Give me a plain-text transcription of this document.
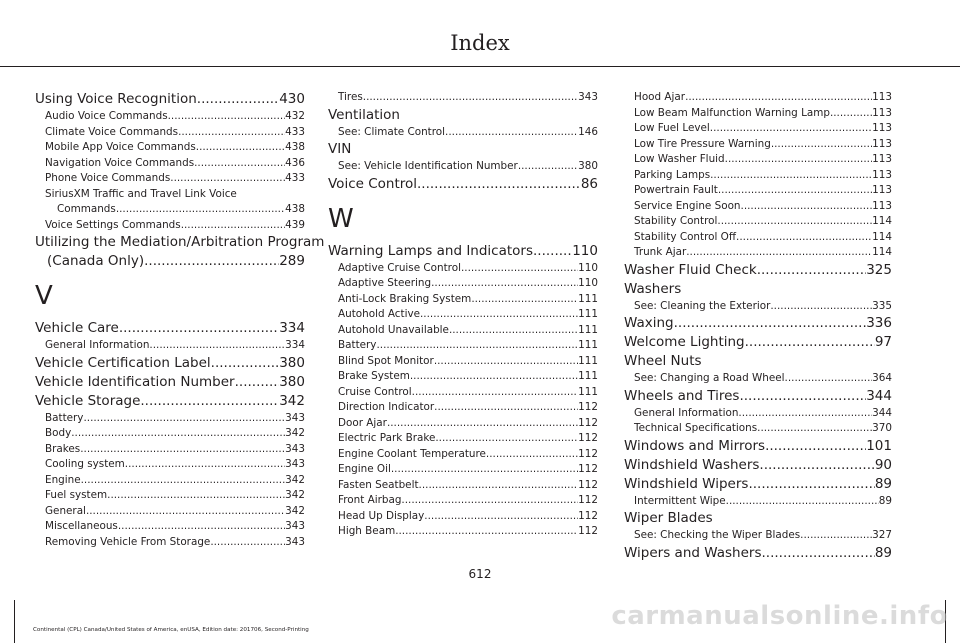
Index
Using Voice Recognition .....	430
Audio Voice Commands .....	432
Climate Voice Commands .....	433
Mobile App Voice Commands .....	438
Navigation Voice Commands .....	436
Phone Voice Commands .....	433
SiriusXM Traffic and Travel Link Voice
Commands .....	438
Voice Settings Commands .....	439
Utilizing the Mediation/Arbitration Program
(Canada Only) .....	289
V
Vehicle Care .....	334
General Information .....	334
Vehicle Certification Label .....	380
Vehicle Identification Number .....	380
Vehicle Storage .....	342
Battery .....	343
Body .....	342
Brakes .....	343
Cooling system .....	343
Engine .....	342
Fuel system .....	342
General .....	342
Miscellaneous .....	343
Removing Vehicle From Storage .....	343
Tires .....	343
Ventilation
See: Climate Control .....	146
VIN
See: Vehicle Identification Number .....	380
Voice Control .....	86
W
Warning Lamps and Indicators .....	110
Adaptive Cruise Control .....	110
Adaptive Steering .....	110
Anti-Lock Braking System .....	111
Autohold Active .....	111
Autohold Unavailable .....	111
Battery .....	111
Blind Spot Monitor .....	111
Brake System .....	111
Cruise Control .....	111
Direction Indicator .....	112
Door Ajar .....	112
Electric Park Brake .....	112
Engine Coolant Temperature .....	112
Engine Oil .....	112
Fasten Seatbelt .....	112
Front Airbag .....	112
Head Up Display .....	112
High Beam .....	112
Hood Ajar .....	113
Low Beam Malfunction Warning Lamp .....	113
Low Fuel Level .....	113
Low Tire Pressure Warning .....	113
Low Washer Fluid .....	113
Parking Lamps .....	113
Powertrain Fault .....	113
Service Engine Soon .....	113
Stability Control .....	114
Stability Control Off .....	114
Trunk Ajar .....	114
Washer Fluid Check .....	325
Washers
See: Cleaning the Exterior .....	335
Waxing .....	336
Welcome Lighting .....	97
Wheel Nuts
See: Changing a Road Wheel .....	364
Wheels and Tires .....	344
General Information .....	344
Technical Specifications .....	370
Windows and Mirrors .....	101
Windshield Washers .....	90
Windshield Wipers .....	89
Intermittent Wipe .....	89
Wiper Blades
See: Checking the Wiper Blades .....	327
Wipers and Washers .....	89
612
Continental (CPL) Canada/United States of America, enUSA, Edition date: 201706, Second-Printing	carmanualsonline.info
